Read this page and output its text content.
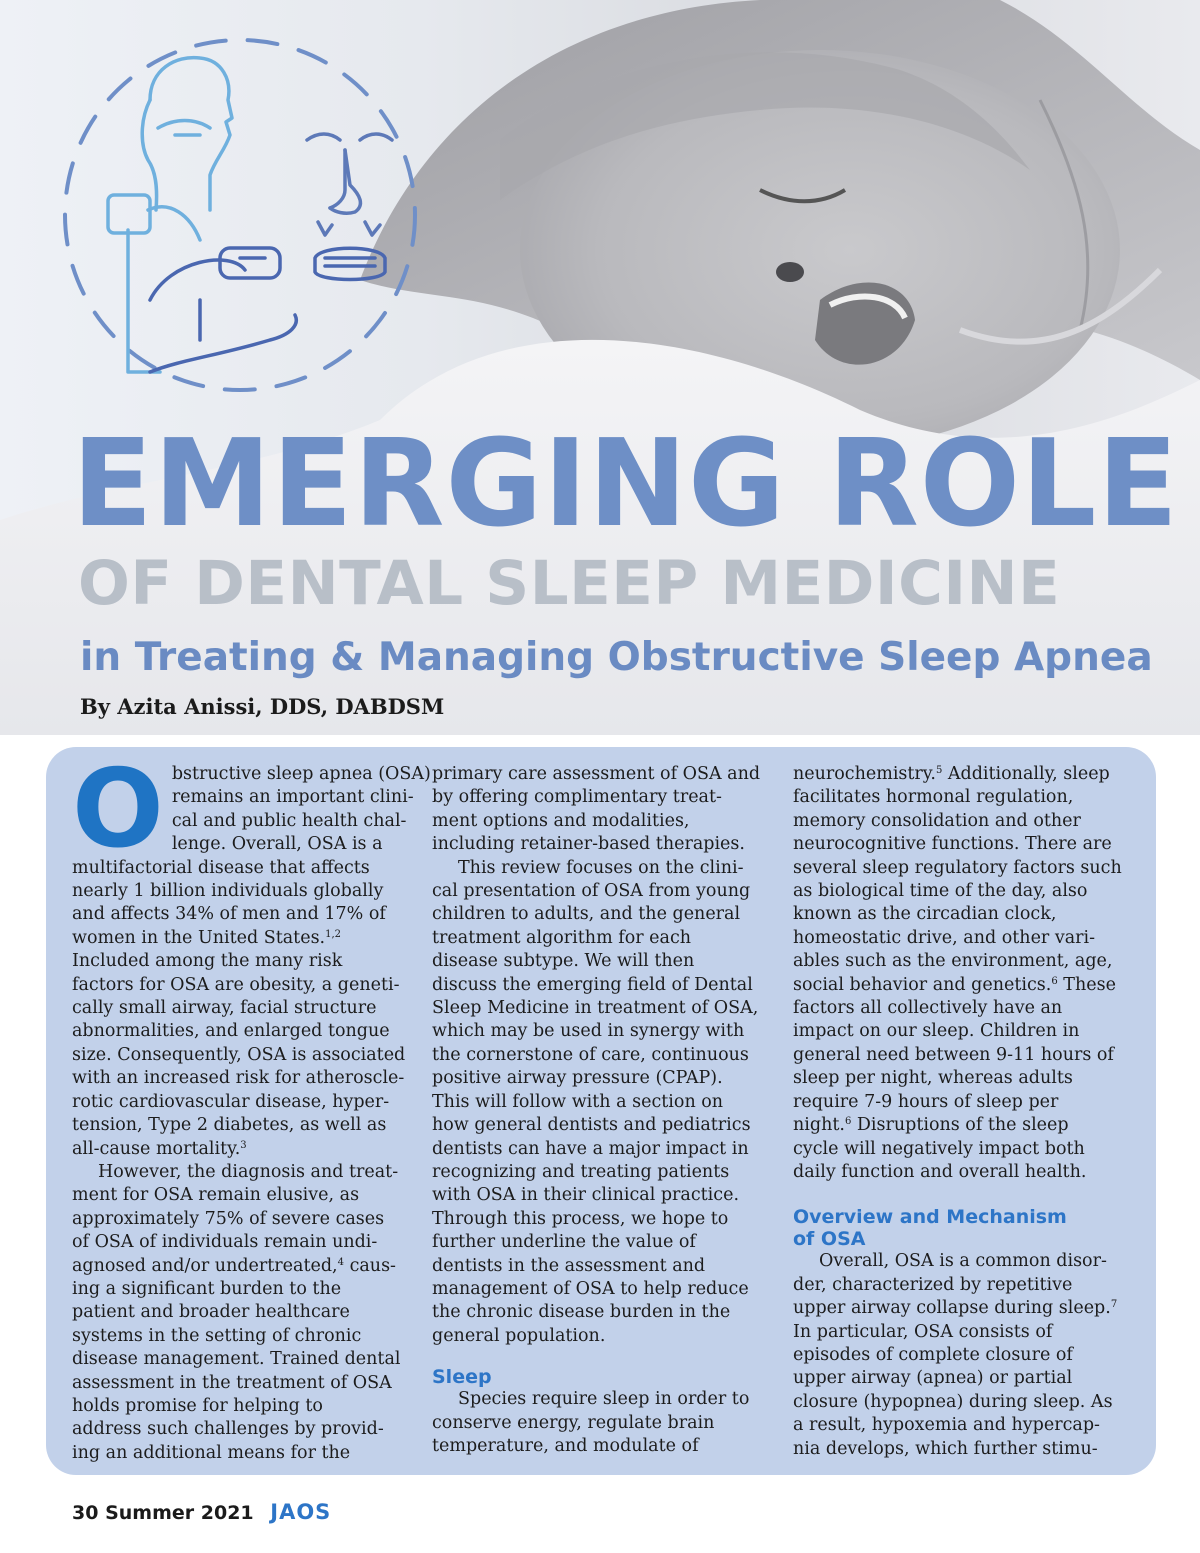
EMERGING ROLE
OF DENTAL SLEEP MEDICINE
in Treating & Managing Obstructive Sleep Apnea
By Azita Anissi, DDS, DABDSM
O bstructive sleep apnea (OSA)
remains an important clini-
cal and public health chal-
lenge. Overall, OSA is a
multifactorial disease that affects
nearly 1 billion individuals globally
and affects 34% of men and 17% of
women in the United States.$^{1,2}$
Included among the many risk
factors for OSA are obesity, a geneti-
cally small airway, facial structure
abnormalities, and enlarged tongue
size. Consequently, OSA is associated
with an increased risk for atheroscle-
rotic cardiovascular disease, hyper-
tension, Type 2 diabetes, as well as
all-cause mortality.$^3$

However, the diagnosis and treat-
ment for OSA remain elusive, as
approximately 75% of severe cases
of OSA of individuals remain undi-
agnosed and/or undertreated,$^4$ caus-
ing a significant burden to the
patient and broader healthcare
systems in the setting of chronic
disease management. Trained dental
assessment in the treatment of OSA
holds promise for helping to
address such challenges by provid-
ing an additional means for the

primary care assessment of OSA and
by offering complimentary treat-
ment options and modalities,
including retainer-based therapies.

This review focuses on the clini-
cal presentation of OSA from young
children to adults, and the general
treatment algorithm for each
disease subtype. We will then
discuss the emerging field of Dental
Sleep Medicine in treatment of OSA,
which may be used in synergy with
the cornerstone of care, continuous
positive airway pressure (CPAP).
This will follow with a section on
how general dentists and pediatrics
dentists can have a major impact in
recognizing and treating patients
with OSA in their clinical practice.
Through this process, we hope to
further underline the value of
dentists in the assessment and
management of OSA to help reduce
the chronic disease burden in the
general population.

Sleep

Species require sleep in order to
conserve energy, regulate brain
temperature, and modulate of

neurochemistry.$^5$ Additionally, sleep
facilitates hormonal regulation,
memory consolidation and other
neurocognitive functions. There are
several sleep regulatory factors such
as biological time of the day, also
known as the circadian clock,
homeostatic drive, and other vari-
ables such as the environment, age,
social behavior and genetics.$^6$ These
factors all collectively have an
impact on our sleep. Children in
general need between 9-11 hours of
sleep per night, whereas adults
require 7-9 hours of sleep per
night.$^6$ Disruptions of the sleep
cycle will negatively impact both
daily function and overall health.

Overview and Mechanism
of OSA

Overall, OSA is a common disor-
der, characterized by repetitive
upper airway collapse during sleep.$^7$
In particular, OSA consists of
episodes of complete closure of
upper airway (apnea) or partial
closure (hypopnea) during sleep. As
a result, hypoxemia and hypercap-
nia develops, which further stimu-

30 Summer 2021 JAOS
